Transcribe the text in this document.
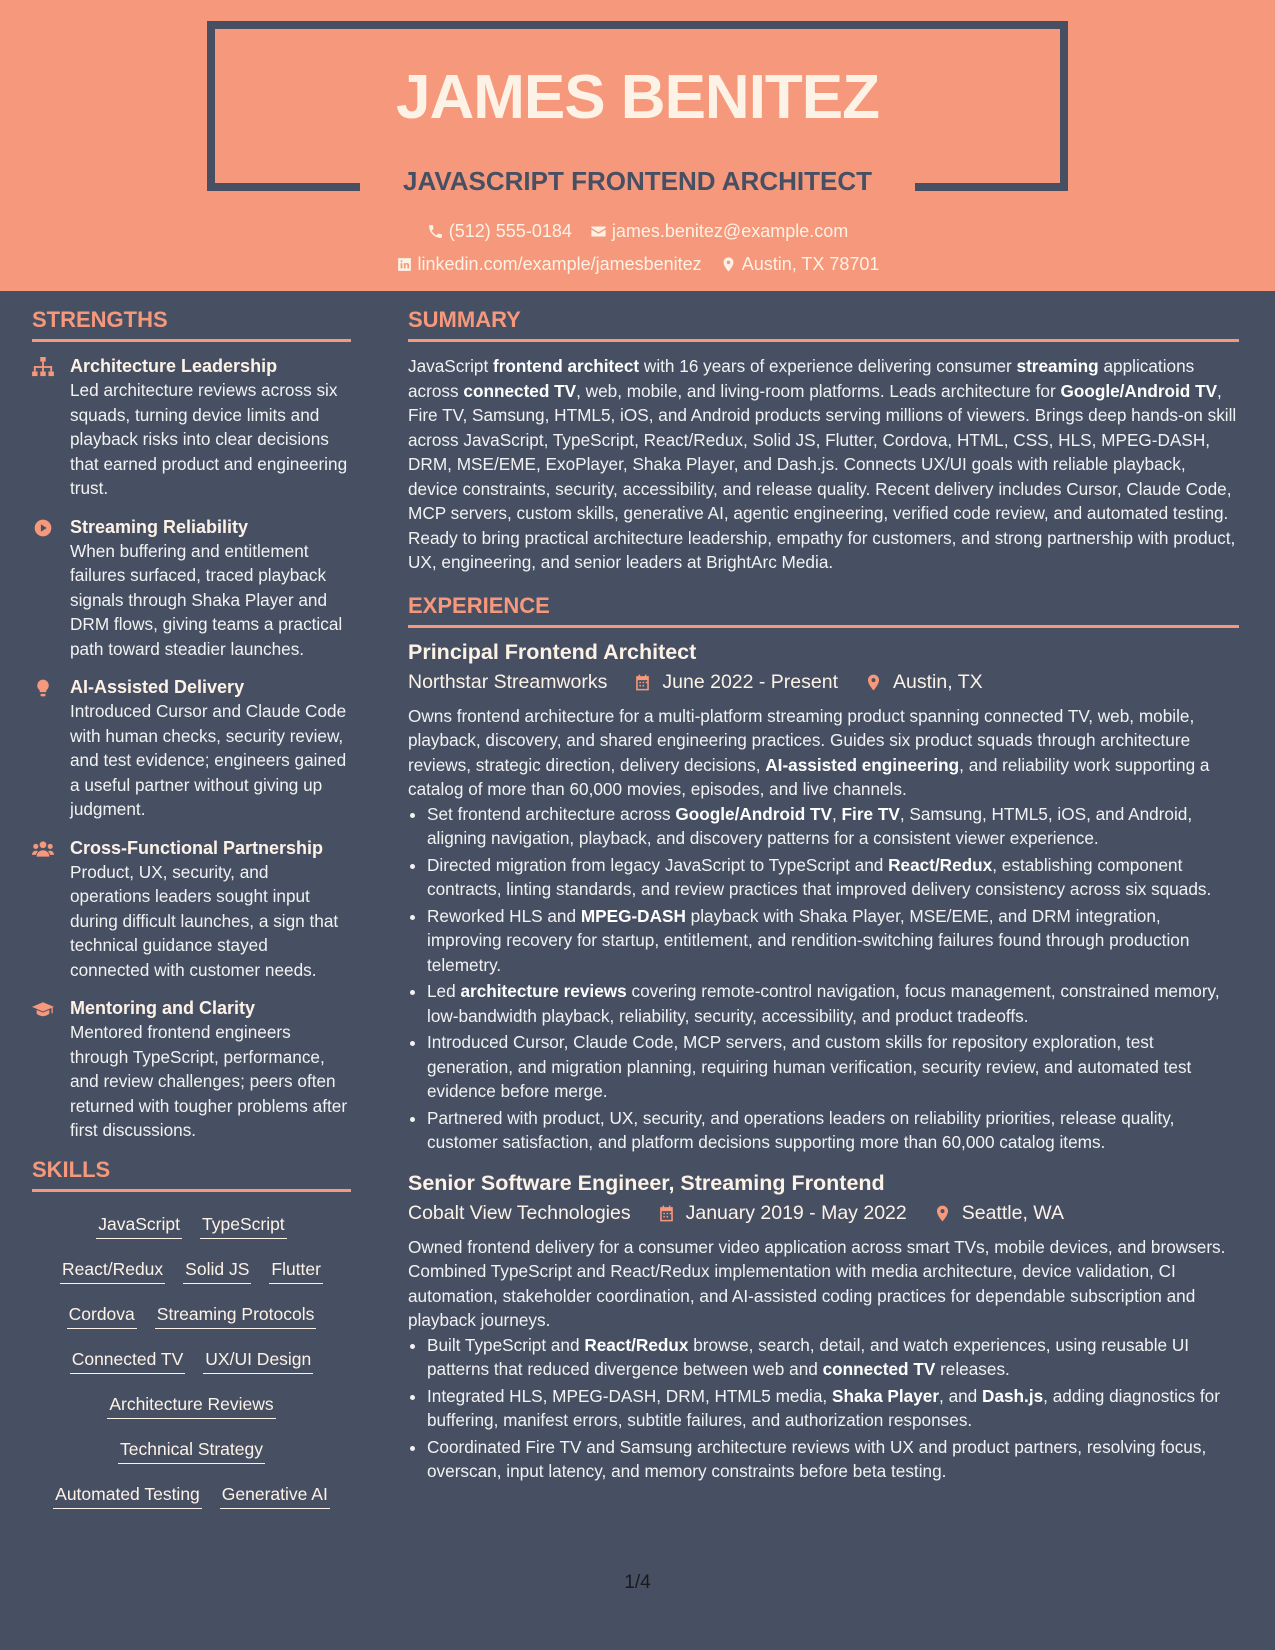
JAMES BENITEZ
JAVASCRIPT FRONTEND ARCHITECT
(512) 555-0184 james.benitez@example.com
linkedin.com/example/jamesbenitez Austin, TX 78701
STRENGTHS
Architecture Leadership
Led architecture reviews across six squads, turning device limits and playback risks into clear decisions that earned product and engineering trust.
Streaming Reliability
When buffering and entitlement failures surfaced, traced playback signals through Shaka Player and DRM flows, giving teams a practical path toward steadier launches.
AI-Assisted Delivery
Introduced Cursor and Claude Code with human checks, security review, and test evidence; engineers gained a useful partner without giving up judgment.
Cross-Functional Partnership
Product, UX, security, and operations leaders sought input during difficult launches, a sign that technical guidance stayed connected with customer needs.
Mentoring and Clarity
Mentored frontend engineers through TypeScript, performance, and review challenges; peers often returned with tougher problems after first discussions.
SKILLS
JavaScript TypeScript
React/Redux Solid JS Flutter
Cordova Streaming Protocols
Connected TV UX/UI Design
Architecture Reviews
Technical Strategy
Automated Testing Generative AI
SUMMARY
JavaScript frontend architect with 16 years of experience delivering consumer streaming applications across connected TV, web, mobile, and living-room platforms. Leads architecture for Google/Android TV, Fire TV, Samsung, HTML5, iOS, and Android products serving millions of viewers. Brings deep hands-on skill across JavaScript, TypeScript, React/Redux, Solid JS, Flutter, Cordova, HTML, CSS, HLS, MPEG-DASH, DRM, MSE/EME, ExoPlayer, Shaka Player, and Dash.js. Connects UX/UI goals with reliable playback, device constraints, security, accessibility, and release quality. Recent delivery includes Cursor, Claude Code, MCP servers, custom skills, generative AI, agentic engineering, verified code review, and automated testing. Ready to bring practical architecture leadership, empathy for customers, and strong partnership with product, UX, engineering, and senior leaders at BrightArc Media.
EXPERIENCE
Principal Frontend Architect
Northstar Streamworks	June 2022 - Present	Austin, TX
Owns frontend architecture for a multi-platform streaming product spanning connected TV, web, mobile, playback, discovery, and shared engineering practices. Guides six product squads through architecture reviews, strategic direction, delivery decisions, AI-assisted engineering, and reliability work supporting a catalog of more than 60,000 movies, episodes, and live channels.
• Set frontend architecture across Google/Android TV, Fire TV, Samsung, HTML5, iOS, and Android, aligning navigation, playback, and discovery patterns for a consistent viewer experience.
• Directed migration from legacy JavaScript to TypeScript and React/Redux, establishing component contracts, linting standards, and review practices that improved delivery consistency across six squads.
• Reworked HLS and MPEG-DASH playback with Shaka Player, MSE/EME, and DRM integration, improving recovery for startup, entitlement, and rendition-switching failures found through production telemetry.
• Led architecture reviews covering remote-control navigation, focus management, constrained memory, low-bandwidth playback, reliability, security, accessibility, and product tradeoffs.
• Introduced Cursor, Claude Code, MCP servers, and custom skills for repository exploration, test generation, and migration planning, requiring human verification, security review, and automated test evidence before merge.
• Partnered with product, UX, security, and operations leaders on reliability priorities, release quality, customer satisfaction, and platform decisions supporting more than 60,000 catalog items.
Senior Software Engineer, Streaming Frontend
Cobalt View Technologies	January 2019 - May 2022	Seattle, WA
Owned frontend delivery for a consumer video application across smart TVs, mobile devices, and browsers. Combined TypeScript and React/Redux implementation with media architecture, device validation, CI automation, stakeholder coordination, and AI-assisted coding practices for dependable subscription and playback journeys.
• Built TypeScript and React/Redux browse, search, detail, and watch experiences, using reusable UI patterns that reduced divergence between web and connected TV releases.
• Integrated HLS, MPEG-DASH, DRM, HTML5 media, Shaka Player, and Dash.js, adding diagnostics for buffering, manifest errors, subtitle failures, and authorization responses.
• Coordinated Fire TV and Samsung architecture reviews with UX and product partners, resolving focus, overscan, input latency, and memory constraints before beta testing.
1/4
